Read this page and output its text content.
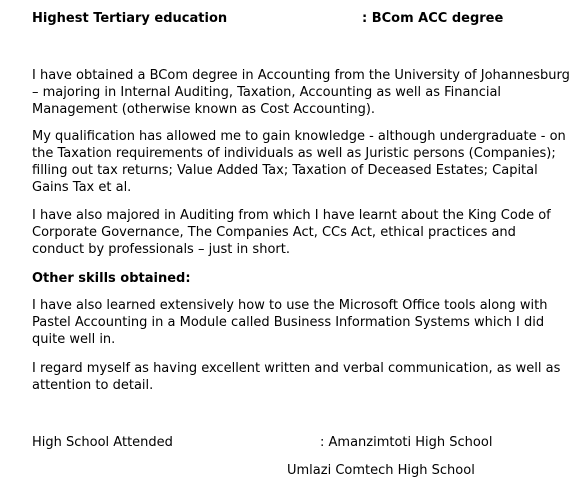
Highest Tertiary education	: BCom ACC degree

I have obtained a BCom degree in Accounting from the University of Johannesburg – majoring in Internal Auditing, Taxation, Accounting as well as Financial Management (otherwise known as Cost Accounting).

My qualification has allowed me to gain knowledge - although undergraduate - on the Taxation requirements of individuals as well as Juristic persons (Companies); filling out tax returns; Value Added Tax; Taxation of Deceased Estates; Capital Gains Tax et al.

I have also majored in Auditing from which I have learnt about the King Code of Corporate Governance, The Companies Act, CCs Act, ethical practices and conduct by professionals – just in short.

Other skills obtained:

I have also learned extensively how to use the Microsoft Office tools along with Pastel Accounting in a Module called Business Information Systems which I did quite well in.

I regard myself as having excellent written and verbal communication, as well as attention to detail.

High School Attended	: Amanzimtoti High School
Umlazi Comtech High School
